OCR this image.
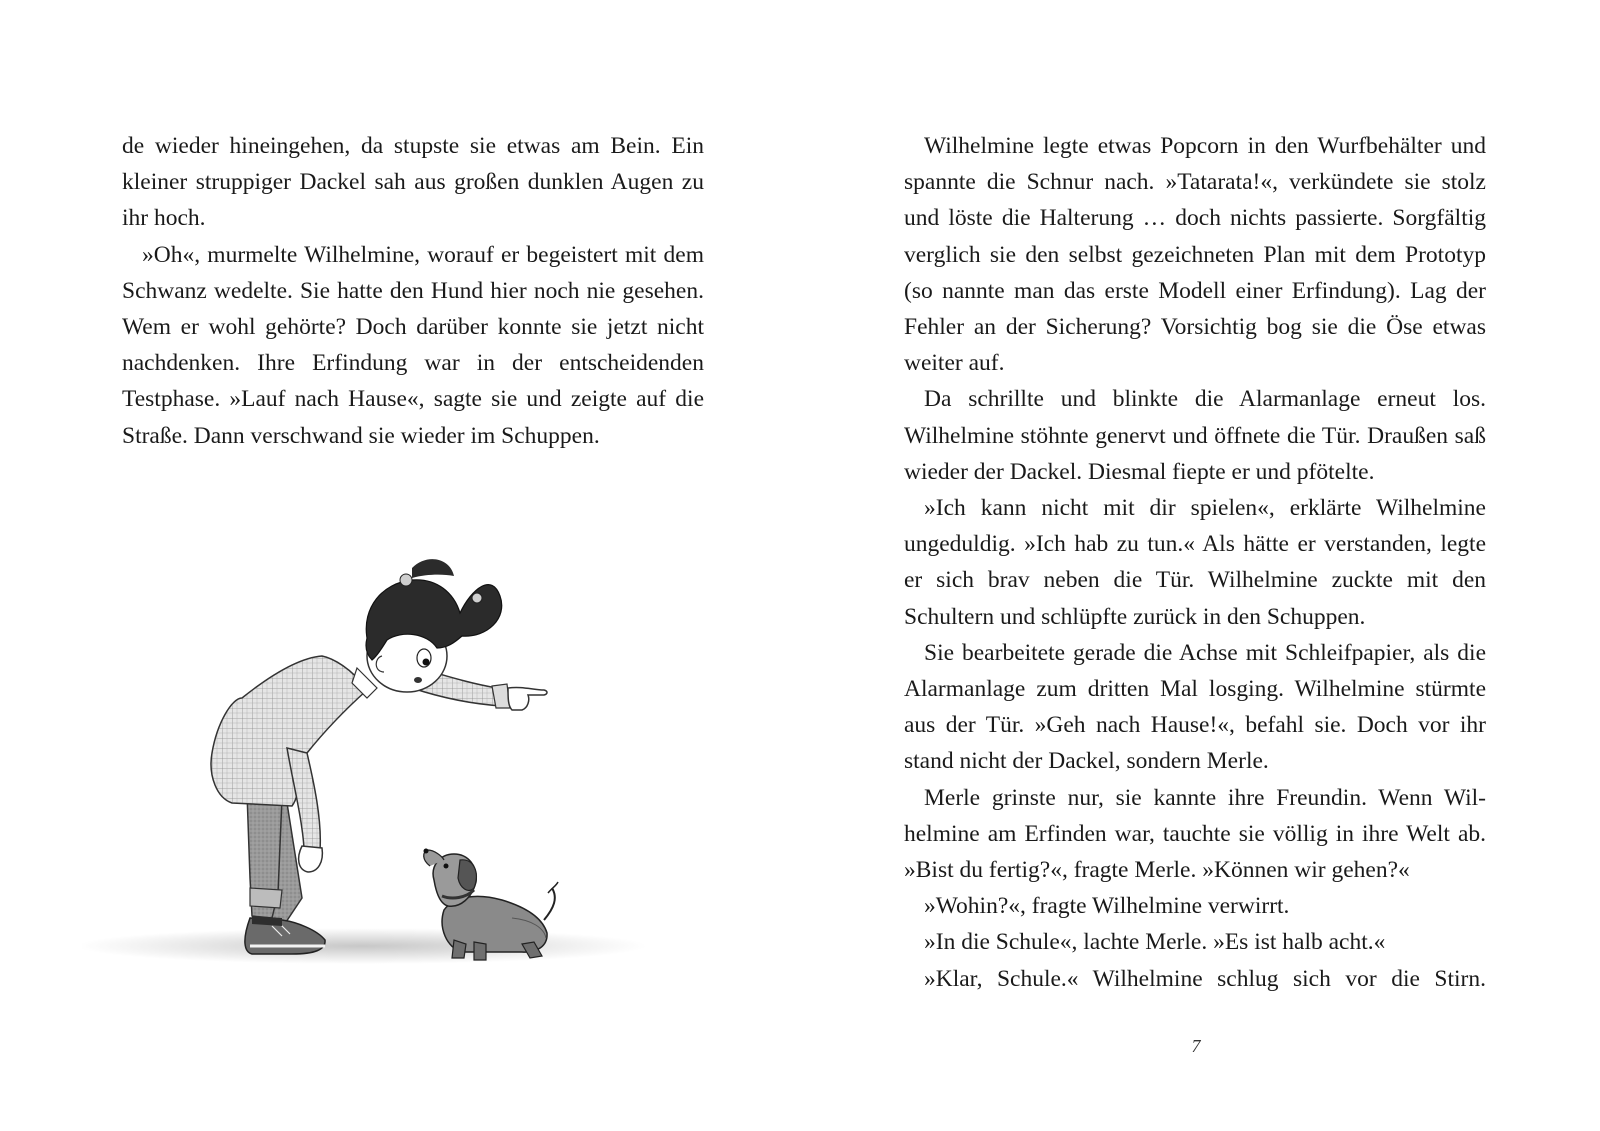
de wieder hineingehen, da stupste sie etwas am Bein. Ein kleiner struppiger Dackel sah aus großen dunklen Augen zu ihr hoch.

»Oh«, murmelte Wilhelmine, worauf er begeistert mit dem Schwanz wedelte. Sie hatte den Hund hier noch nie gesehen. Wem er wohl gehörte? Doch darüber konnte sie jetzt nicht nachdenken. Ihre Erfindung war in der entscheidenden Testphase. »Lauf nach Hause«, sagte sie und zeigte auf die Straße. Dann verschwand sie wieder im Schuppen.

Wilhelmine legte etwas Popcorn in den Wurfbehälter und spannte die Schnur nach. »Tatarata!«, verkündete sie stolz und löste die Halterung … doch nichts passierte. Sorgfältig verglich sie den selbst gezeichneten Plan mit dem Prototyp (so nannte man das erste Modell einer Erfindung). Lag der Fehler an der Sicherung? Vorsichtig bog sie die Öse etwas weiter auf.

Da schrillte und blinkte die Alarmanlage erneut los. Wilhelmine stöhnte genervt und öffnete die Tür. Draußen saß wieder der Dackel. Diesmal fiepte er und pfötelte.

»Ich kann nicht mit dir spielen«, erklärte Wilhelmine ungeduldig. »Ich hab zu tun.« Als hätte er verstanden, legte er sich brav neben die Tür. Wilhelmine zuckte mit den Schultern und schlüpfte zurück in den Schuppen.

Sie bearbeitete gerade die Achse mit Schleifpapier, als die Alarmanlage zum dritten Mal losging. Wilhelmine stürmte aus der Tür. »Geh nach Hause!«, befahl sie. Doch vor ihr stand nicht der Dackel, sondern Merle.

Merle grinste nur, sie kannte ihre Freundin. Wenn Wilhelmine am Erfinden war, tauchte sie völlig in ihre Welt ab. »Bist du fertig?«, fragte Merle. »Können wir gehen?«

»Wohin?«, fragte Wilhelmine verwirrt.

»In die Schule«, lachte Merle. »Es ist halb acht.«

»Klar, Schule.« Wilhelmine schlug sich vor die Stirn.

7
